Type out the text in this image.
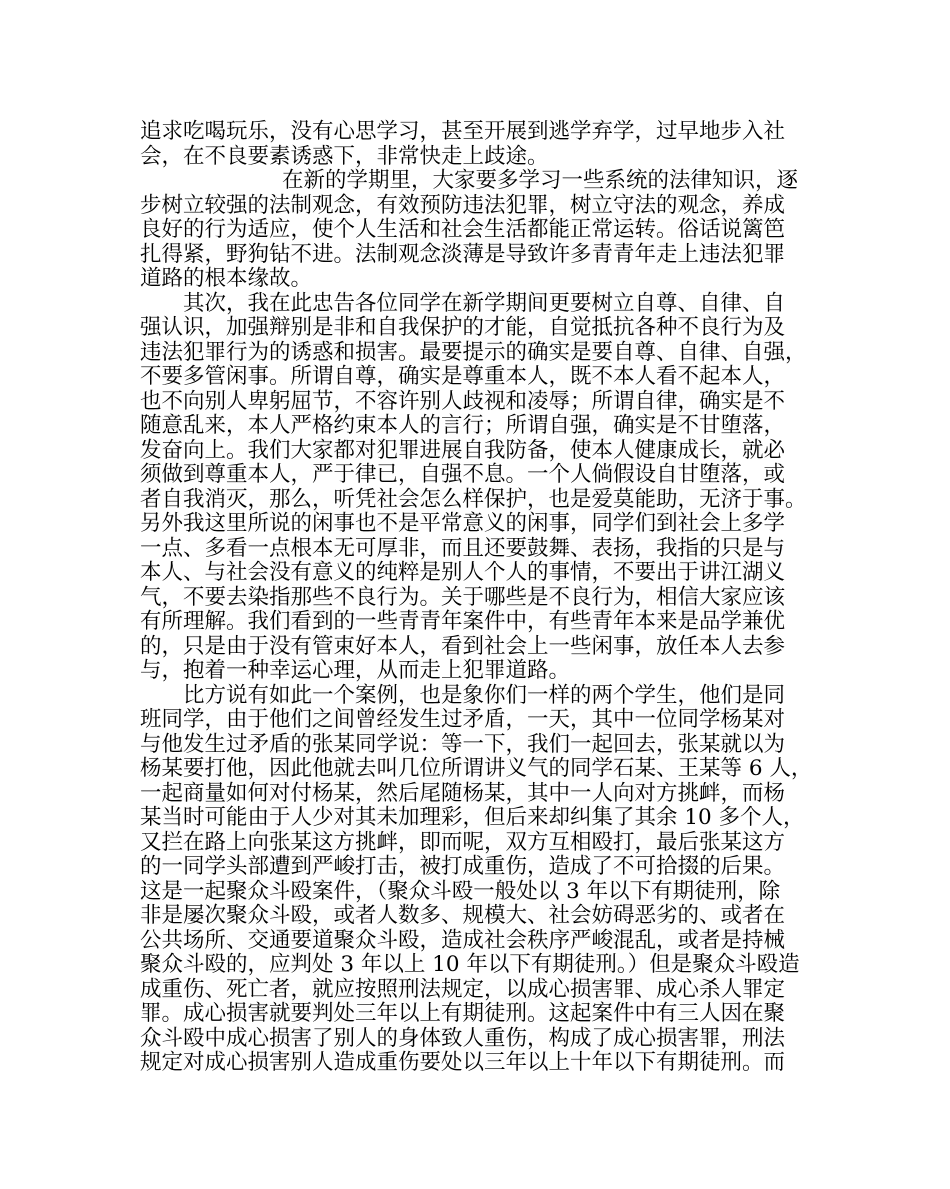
追求吃喝玩乐，没有心思学习，甚至开展到逃学弃学，过早地步入社
会，在不良要素诱惑下，非常快走上歧途。
在新的学期里，大家要多学习一些系统的法律知识，逐
步树立较强的法制观念，有效预防违法犯罪，树立守法的观念，养成
良好的行为适应，使个人生活和社会生活都能正常运转。俗话说篱笆
扎得紧，野狗钻不进。法制观念淡薄是导致许多青青年走上违法犯罪
道路的根本缘故。
其次，我在此忠告各位同学在新学期间更要树立自尊、自律、自
强认识，加强辩别是非和自我保护的才能，自觉抵抗各种不良行为及
违法犯罪行为的诱惑和损害。最要提示的确实是要自尊、自律、自强，
不要多管闲事。所谓自尊，确实是尊重本人，既不本人看不起本人，
也不向别人卑躬屈节，不容许别人歧视和凌辱；所谓自律，确实是不
随意乱来，本人严格约束本人的言行；所谓自强，确实是不甘堕落，
发奋向上。我们大家都对犯罪进展自我防备，使本人健康成长，就必
须做到尊重本人，严于律已，自强不息。一个人倘假设自甘堕落，或
者自我消灭，那么，听凭社会怎么样保护，也是爱莫能助，无济于事。
另外我这里所说的闲事也不是平常意义的闲事，同学们到社会上多学
一点、多看一点根本无可厚非，而且还要鼓舞、表扬，我指的只是与
本人、与社会没有意义的纯粹是别人个人的事情，不要出于讲江湖义
气，不要去染指那些不良行为。关于哪些是不良行为，相信大家应该
有所理解。我们看到的一些青青年案件中，有些青年本来是品学兼优
的，只是由于没有管束好本人，看到社会上一些闲事，放任本人去参
与，抱着一种幸运心理，从而走上犯罪道路。
比方说有如此一个案例，也是象你们一样的两个学生，他们是同
班同学，由于他们之间曾经发生过矛盾，一天，其中一位同学杨某对
与他发生过矛盾的张某同学说：等一下，我们一起回去，张某就以为
杨某要打他，因此他就去叫几位所谓讲义气的同学石某、王某等 6 人，
一起商量如何对付杨某，然后尾随杨某，其中一人向对方挑衅，而杨
某当时可能由于人少对其未加理彩，但后来却纠集了其余 10 多个人，
又拦在路上向张某这方挑衅，即而呢，双方互相殴打，最后张某这方
的一同学头部遭到严峻打击，被打成重伤，造成了不可拾掇的后果。
这是一起聚众斗殴案件，（聚众斗殴一般处以 3 年以下有期徒刑，除
非是屡次聚众斗殴，或者人数多、规模大、社会妨碍恶劣的、或者在
公共场所、交通要道聚众斗殴，造成社会秩序严峻混乱，或者是持械
聚众斗殴的，应判处 3 年以上 10 年以下有期徒刑。）但是聚众斗殴造
成重伤、死亡者，就应按照刑法规定，以成心损害罪、成心杀人罪定
罪。成心损害就要判处三年以上有期徒刑。这起案件中有三人因在聚
众斗殴中成心损害了别人的身体致人重伤，构成了成心损害罪，刑法
规定对成心损害别人造成重伤要处以三年以上十年以下有期徒刑。而
